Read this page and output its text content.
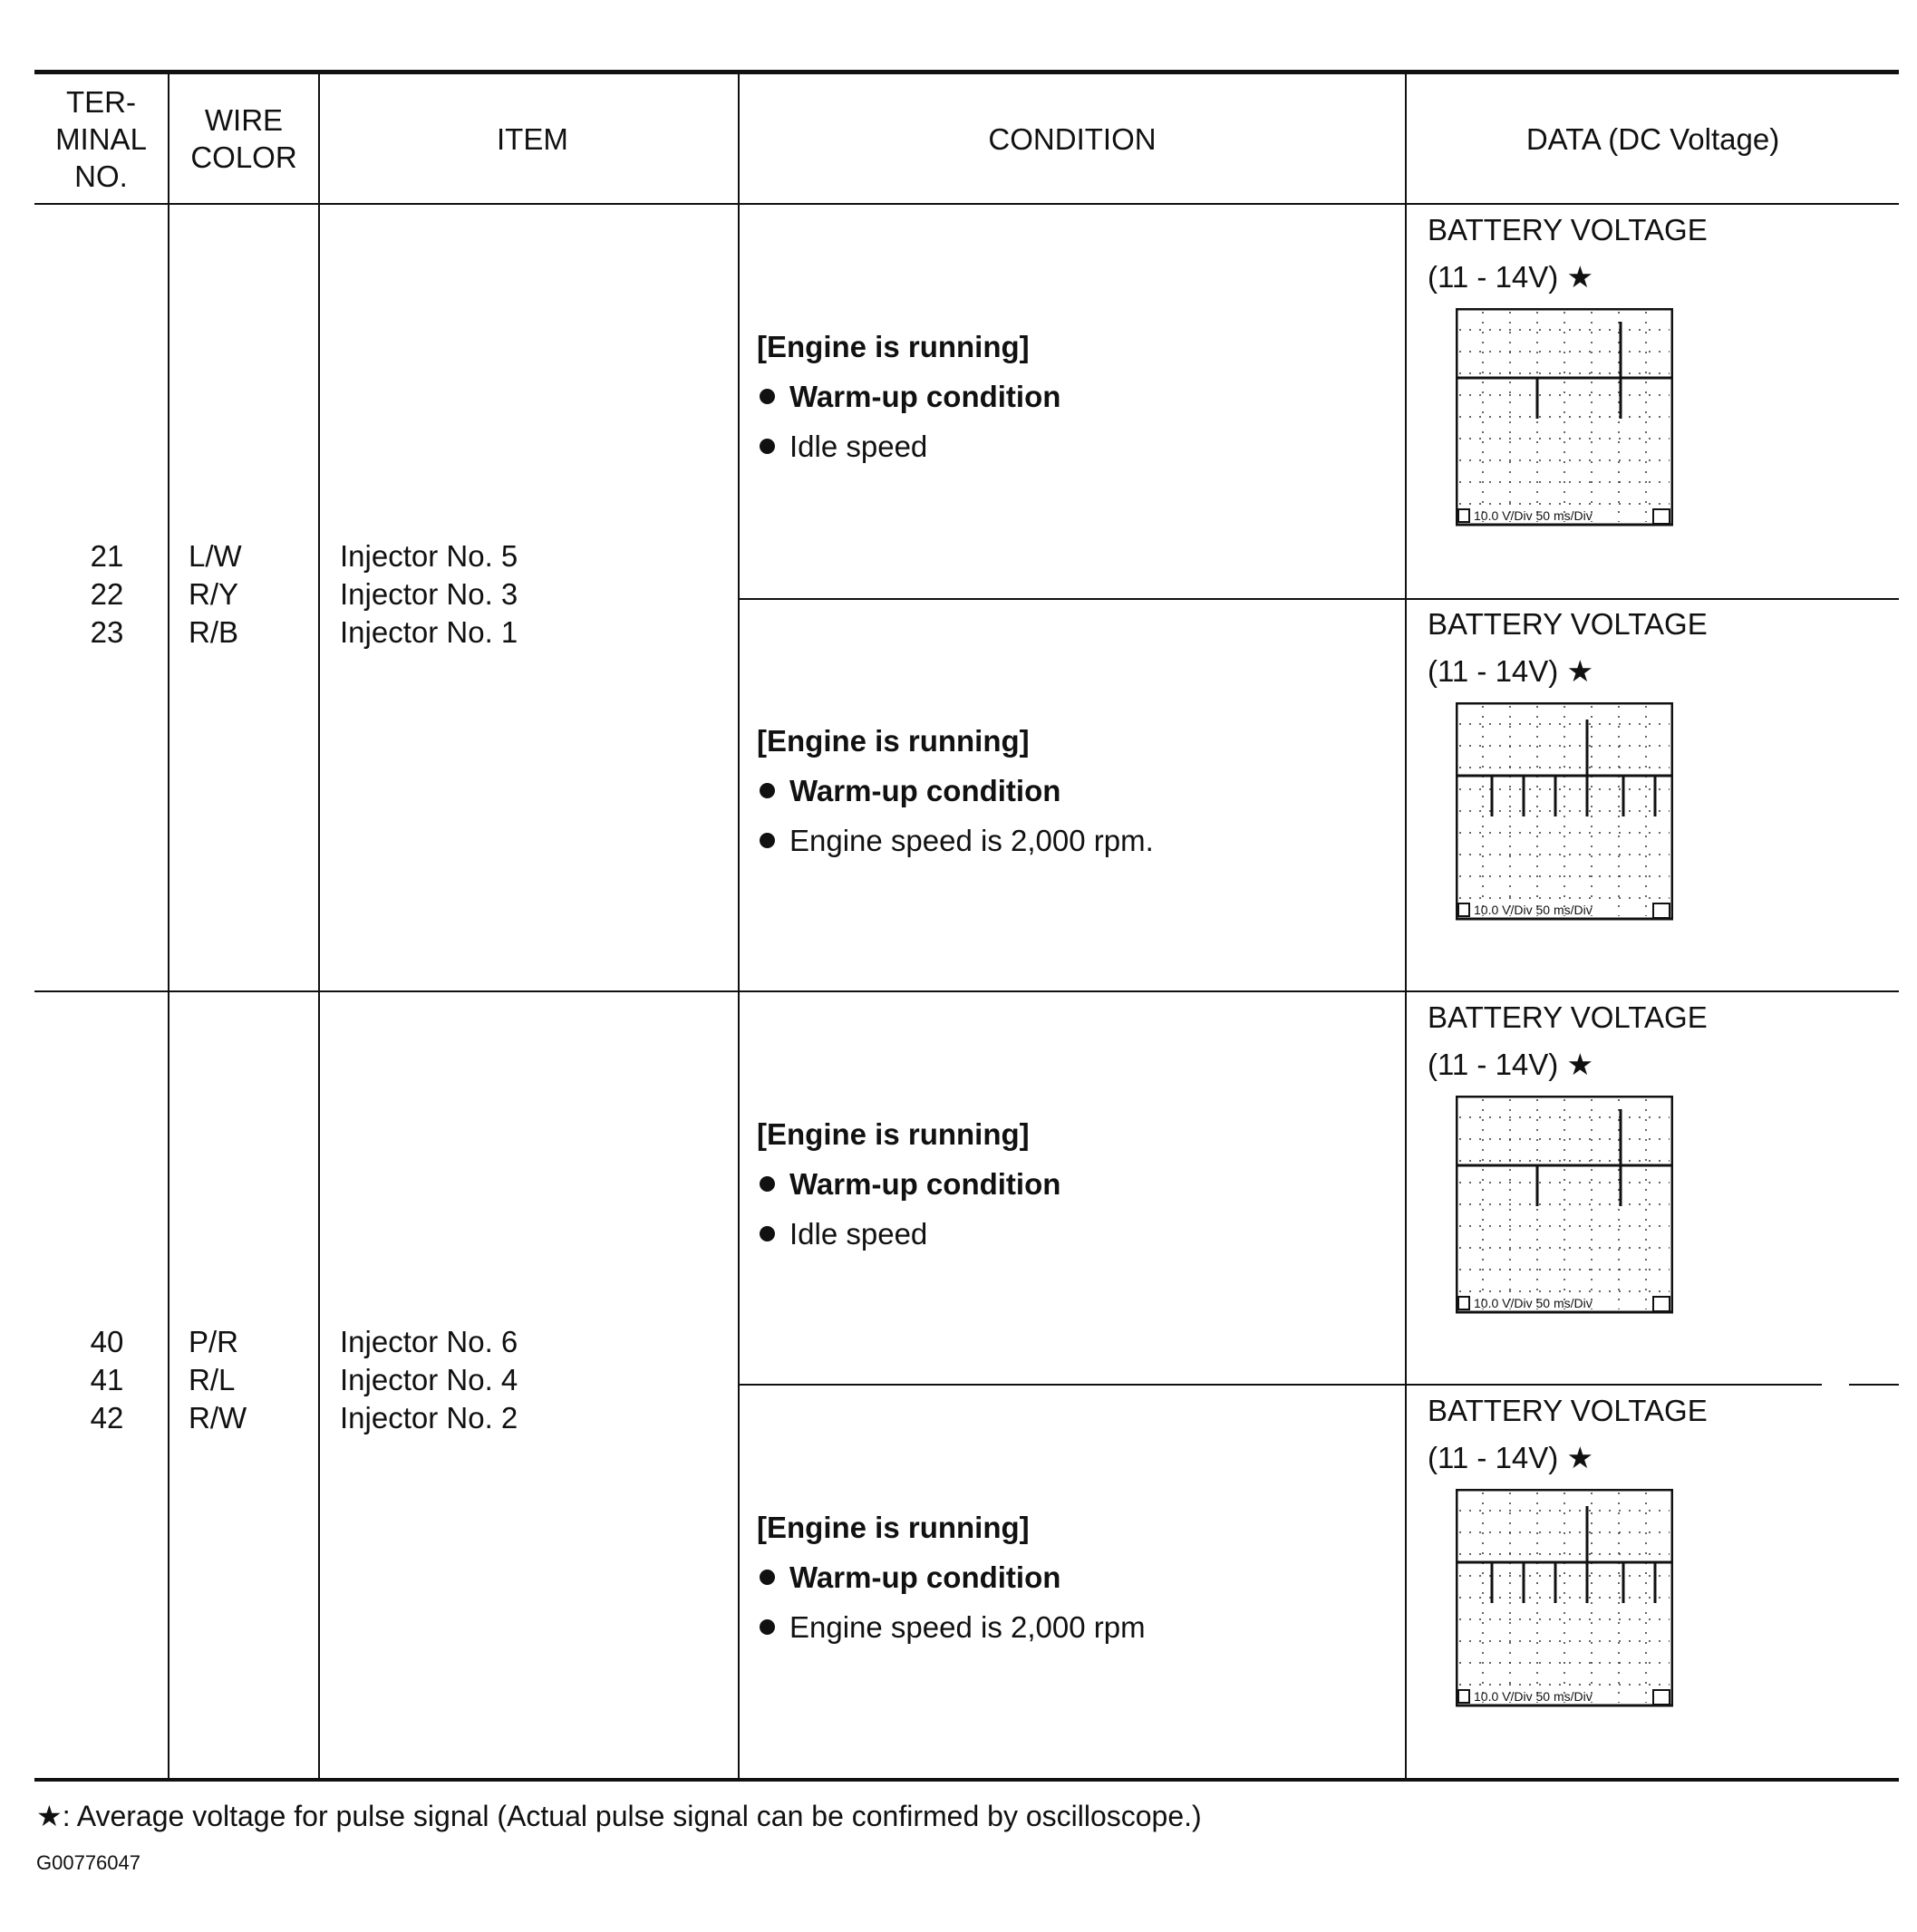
TER-
MINAL
NO.
WIRE
COLOR
ITEM	CONDITION	DATA (DC Voltage)
21
22
23
L/W
R/Y
R/B
Injector No. 5
Injector No. 3
Injector No. 1
40
41
42
P/R
R/L
R/W
Injector No. 6
Injector No. 4
Injector No. 2
[Engine is running]
Warm-up condition
Idle speed
[Engine is running]
Warm-up condition
Engine speed is 2,000 rpm.
[Engine is running]
Warm-up condition
Idle speed
[Engine is running]
Warm-up condition
Engine speed is 2,000 rpm
BATTERY VOLTAGE
(11 - 14V) ★
BATTERY VOLTAGE
(11 - 14V) ★
BATTERY VOLTAGE
(11 - 14V) ★
BATTERY VOLTAGE
(11 - 14V) ★
10.0 V/Div 50 ms/Div
10.0 V/Div 50 ms/Div
10.0 V/Div 50 ms/Div
10.0 V/Div 50 ms/Div
★: Average voltage for pulse signal (Actual pulse signal can be confirmed by oscilloscope.)
G00776047
